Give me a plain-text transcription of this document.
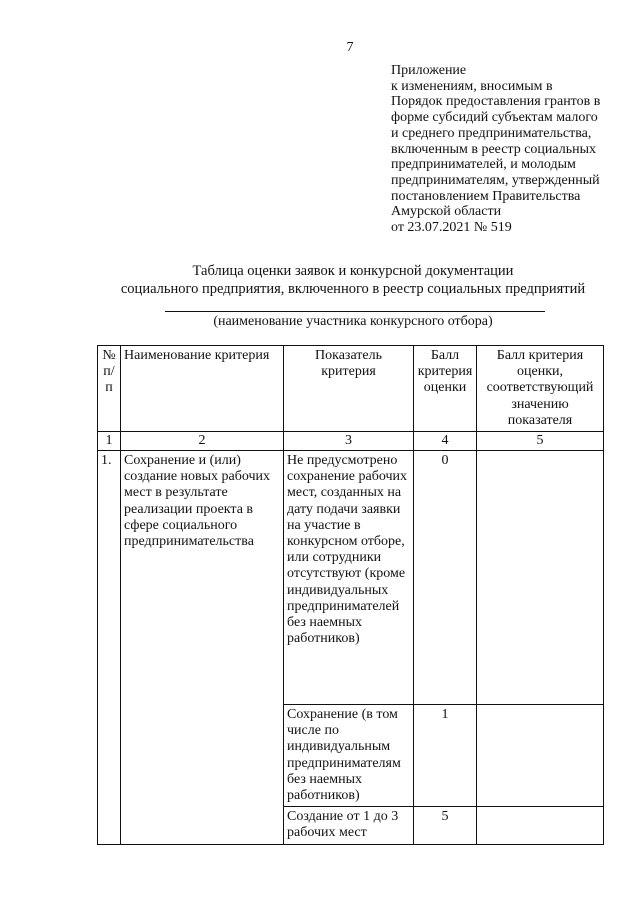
7
Приложение
к изменениям, вносимым в
Порядок предоставления грантов в
форме субсидий субъектам малого
и среднего предпринимательства,
включенным в реестр социальных
предпринимателей, и молодым
предпринимателям, утвержденный
постановлением Правительства
Амурской области
от 23.07.2021 № 519
Таблица оценки заявок и конкурсной документации
социального предприятия, включенного в реестр социальных предприятий
(наименование участника конкурсного отбора)
№ п/п	Наименование критерия	Показатель критерия	Балл критерия оценки	Балл критерия оценки, соответствующий значению показателя
1	2	3	4	5
1.	Сохранение и (или) создание новых рабочих мест в результате реализации проекта в сфере социального предпринимательства	Не предусмотрено сохранение рабочих мест, созданных на дату подачи заявки на участие в конкурсном отборе, или сотрудники отсутствуют (кроме индивидуальных предпринимателей без наемных работников)	0	
		Сохранение (в том числе по индивидуальным предпринимателям без наемных работников)	1	
		Создание от 1 до 3 рабочих мест	5	
